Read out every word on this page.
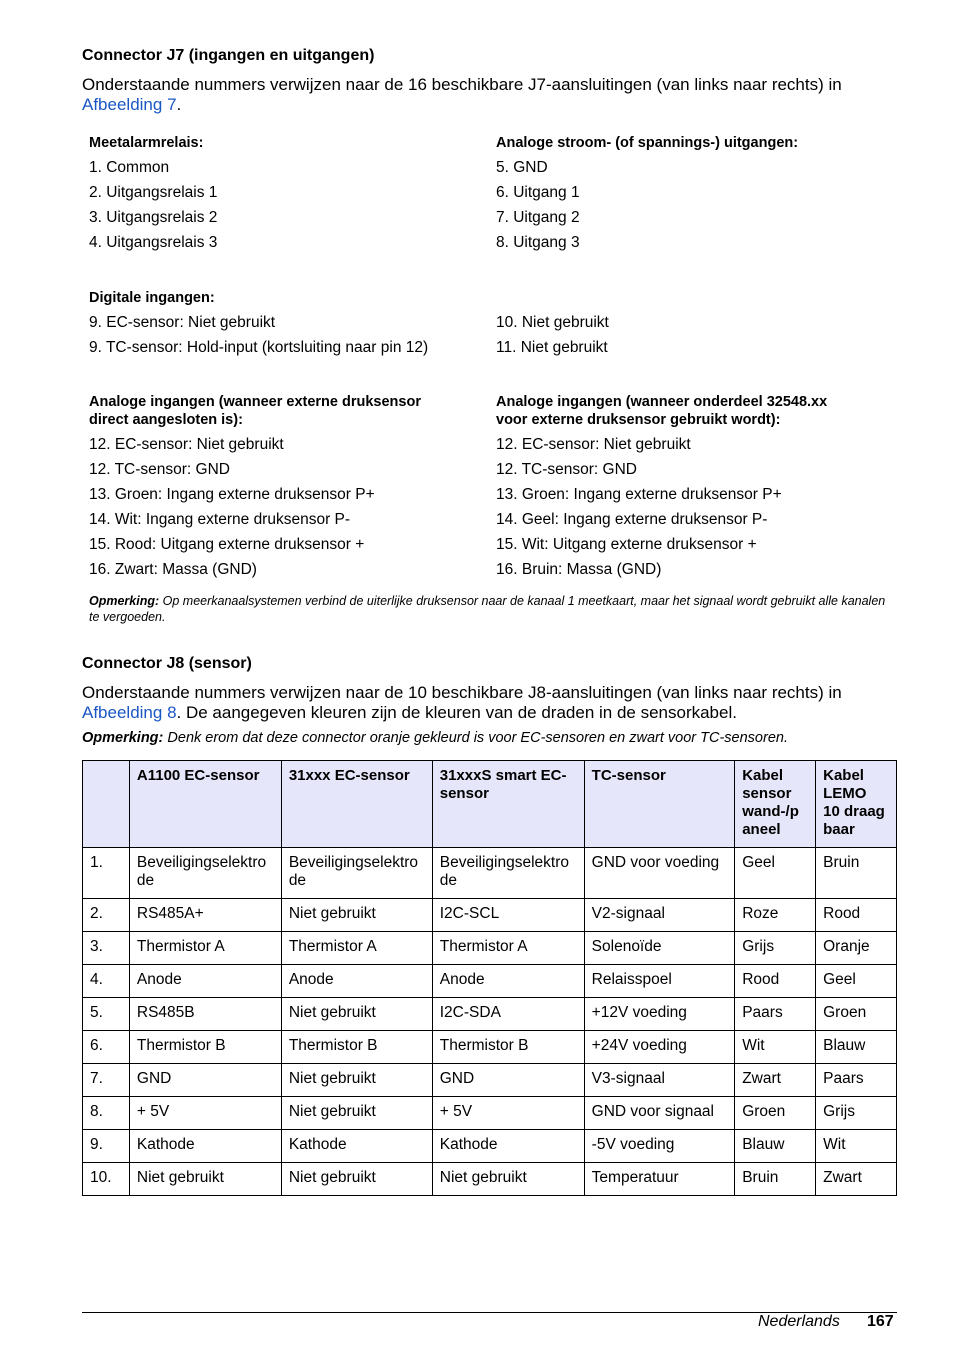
Connector J7 (ingangen en uitgangen)
Onderstaande nummers verwijzen naar de 16 beschikbare J7-aansluitingen (van links naar rechts) in Afbeelding 7.
Meetalarmrelais:
1. Common
2. Uitgangsrelais 1
3. Uitgangsrelais 2
4. Uitgangsrelais 3
Analoge stroom- (of spannings-) uitgangen:
5. GND
6. Uitgang 1
7. Uitgang 2
8. Uitgang 3
Digitale ingangen:
9. EC-sensor: Niet gebruikt
9. TC-sensor: Hold-input (kortsluiting naar pin 12)
10. Niet gebruikt
11. Niet gebruikt
Analoge ingangen (wanneer externe druksensor
direct aangesloten is):
12. EC-sensor: Niet gebruikt
12. TC-sensor: GND
13. Groen: Ingang externe druksensor P+
14. Wit: Ingang externe druksensor P-
15. Rood: Uitgang externe druksensor +
16. Zwart: Massa (GND)
Analoge ingangen (wanneer onderdeel 32548.xx
voor externe druksensor gebruikt wordt):
12. EC-sensor: Niet gebruikt
12. TC-sensor: GND
13. Groen: Ingang externe druksensor P+
14. Geel: Ingang externe druksensor P-
15. Wit: Uitgang externe druksensor +
16. Bruin: Massa (GND)
Opmerking: Op meerkanaalsystemen verbind de uiterlijke druksensor naar de kanaal 1 meetkaart, maar het signaal wordt gebruikt alle kanalen te vergoeden.
Connector J8 (sensor)
Onderstaande nummers verwijzen naar de 10 beschikbare J8-aansluitingen (van links naar rechts) in
Afbeelding 8. De aangegeven kleuren zijn de kleuren van de draden in de sensorkabel.
Opmerking: Denk erom dat deze connector oranje gekleurd is voor EC-sensoren en zwart voor TC-sensoren.
	A1100 EC-sensor	31xxx EC-sensor	31xxxS smart EC-
sensor	TC-sensor	Kabel
sensor
wand-/p
aneel	Kabel
LEMO
10 draag
baar
1.	Beveiligingselektro
de	Beveiligingselektro
de	Beveiligingselektro
de	GND voor voeding	Geel	Bruin
2.	RS485A+	Niet gebruikt	I2C-SCL	V2-signaal	Roze	Rood
3.	Thermistor A	Thermistor A	Thermistor A	Solenoïde	Grijs	Oranje
4.	Anode	Anode	Anode	Relaisspoel	Rood	Geel
5.	RS485B	Niet gebruikt	I2C-SDA	+12V voeding	Paars	Groen
6.	Thermistor B	Thermistor B	Thermistor B	+24V voeding	Wit	Blauw
7.	GND	Niet gebruikt	GND	V3-signaal	Zwart	Paars
8.	+ 5V	Niet gebruikt	+ 5V	GND voor signaal	Groen	Grijs
9.	Kathode	Kathode	Kathode	-5V voeding	Blauw	Wit
10.	Niet gebruikt	Niet gebruikt	Niet gebruikt	Temperatuur	Bruin	Zwart
Nederlands 167
